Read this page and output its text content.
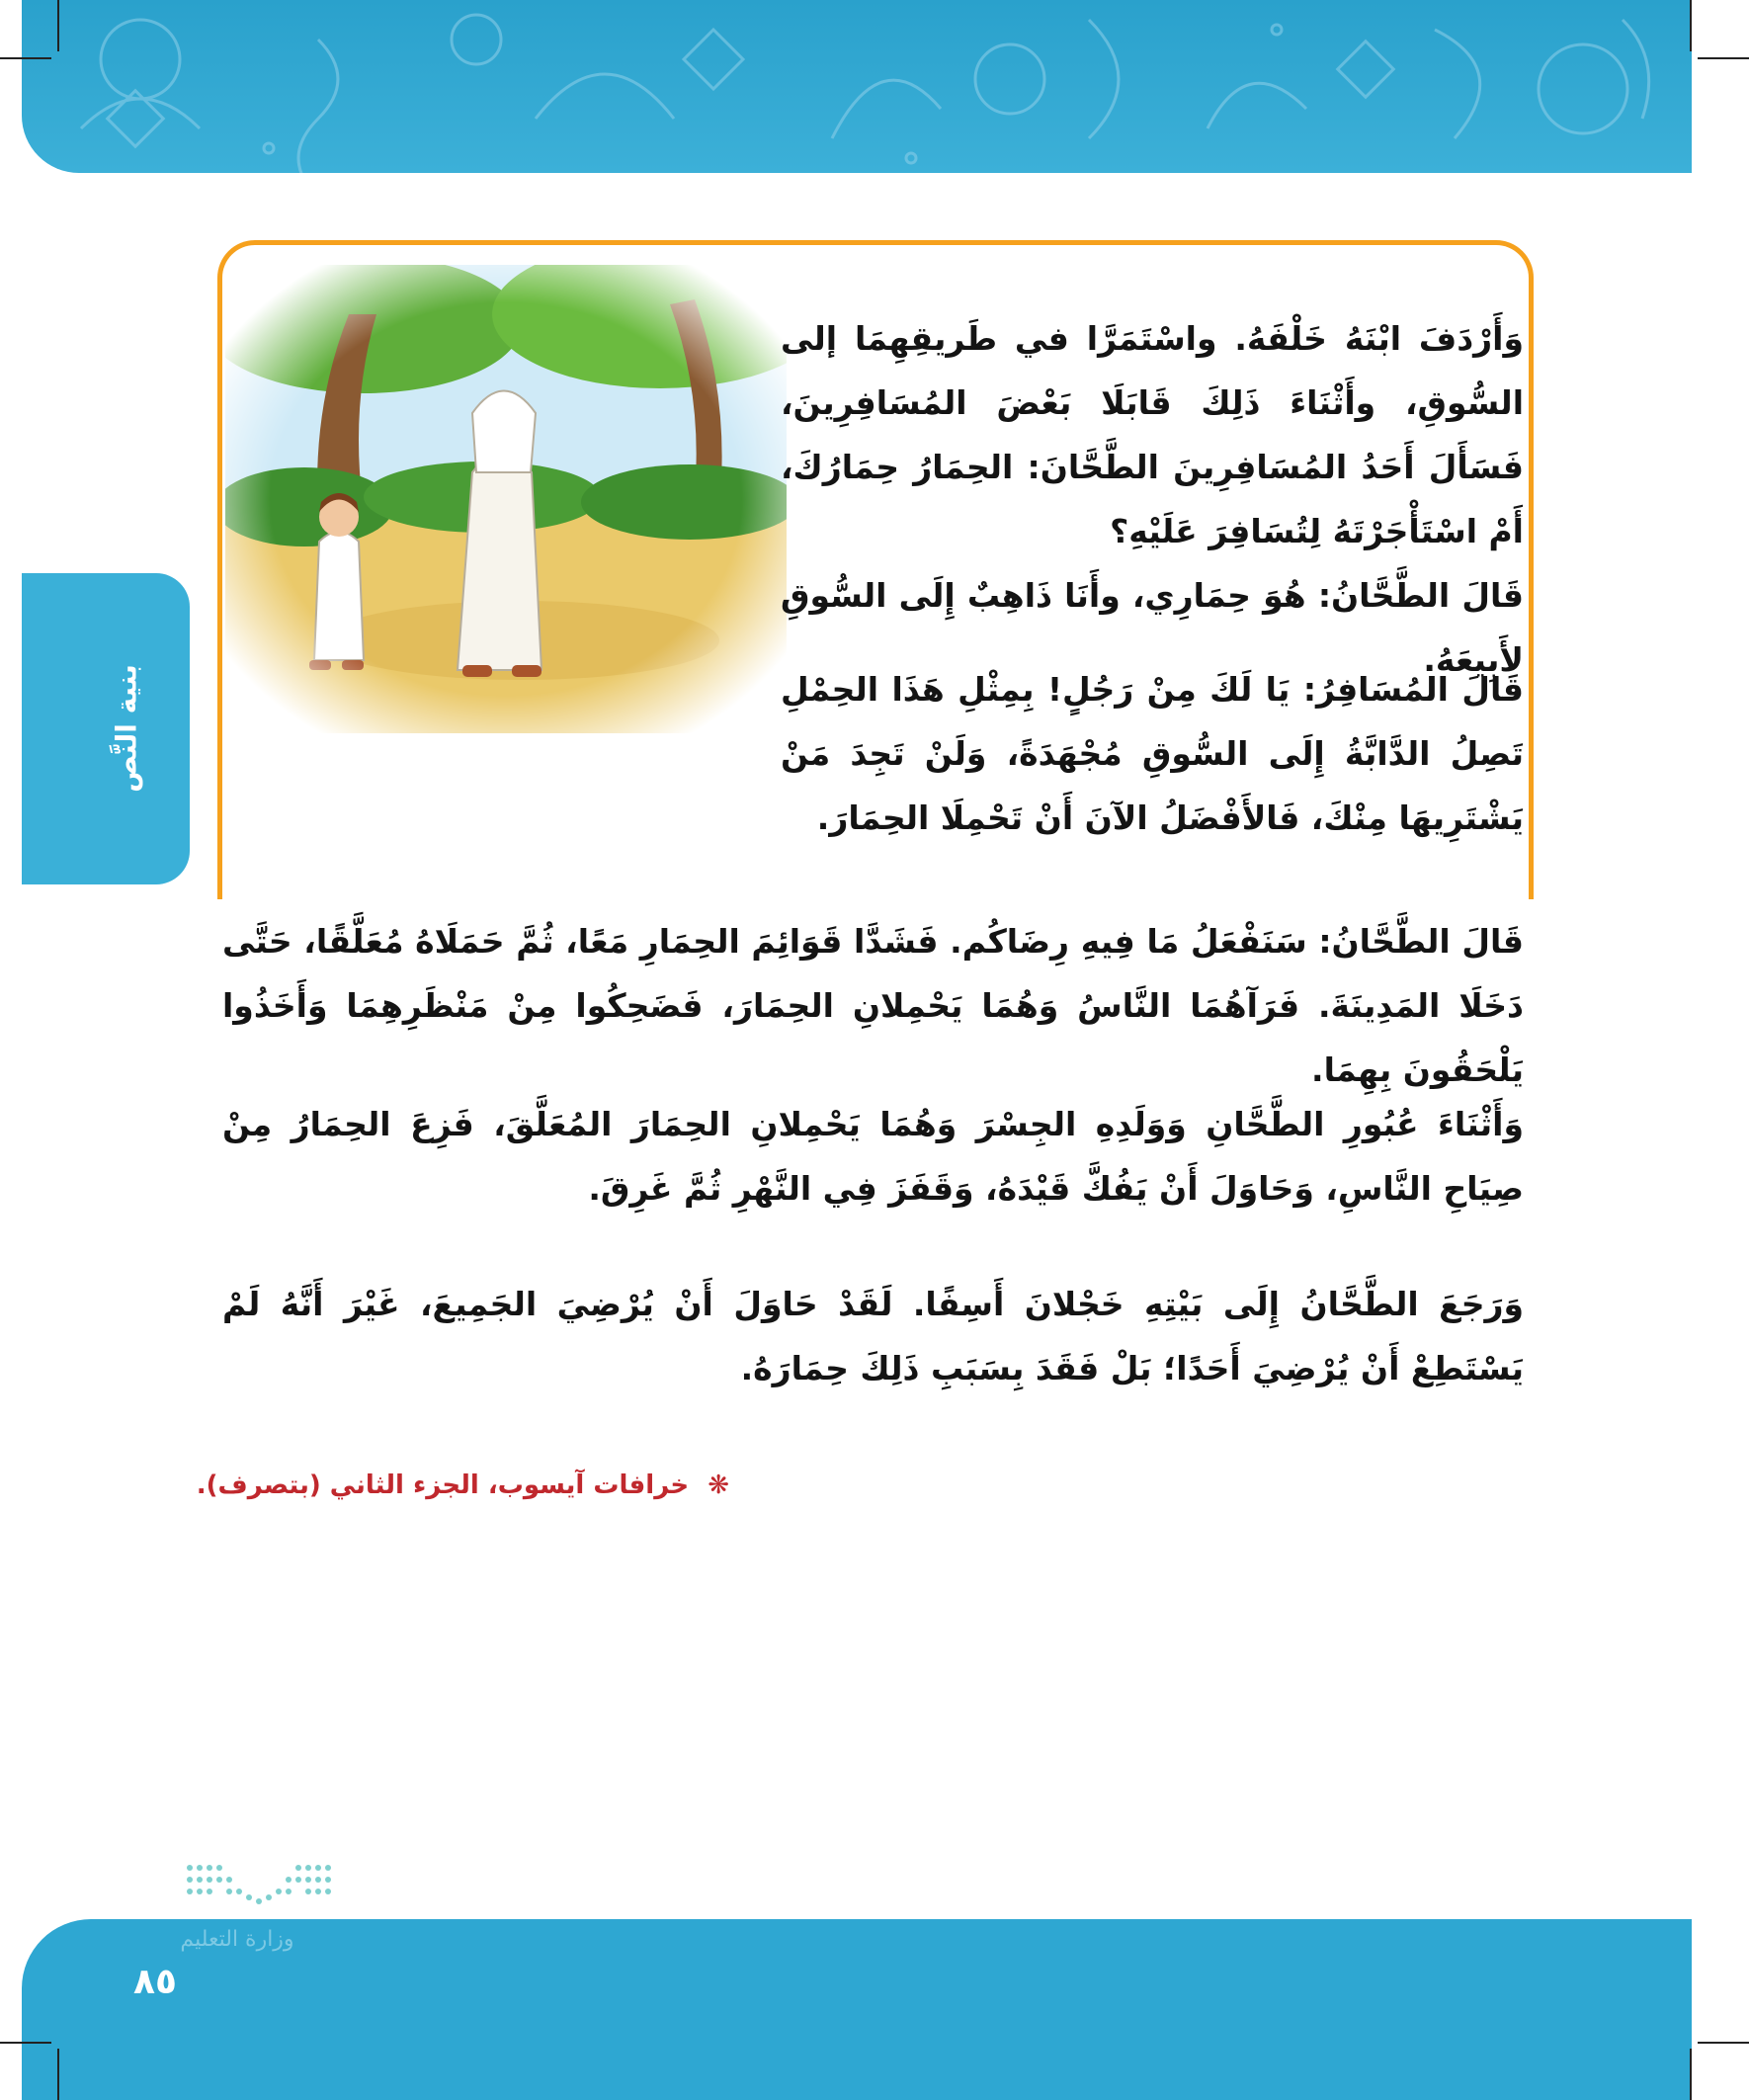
بنية النَّص

وَأَرْدَفَ ابْنَهُ خَلْفَهُ. واسْتَمَرَّا في طَريقِهِمَا إلى السُّوقِ، وأَثْنَاءَ ذَلِكَ قَابَلَا بَعْضَ المُسَافِرِينَ، فَسَأَلَ أَحَدُ المُسَافِرِينَ الطَّحَّانَ: الحِمَارُ حِمَارُكَ، أَمْ اسْتَأْجَرْتَهُ لِتُسَافِرَ عَلَيْهِ؟

قَالَ الطَّحَّانُ: هُوَ حِمَارِي، وأَنَا ذَاهِبٌ إِلَى السُّوقِ لأَبِيعَهُ.

قَالَ المُسَافِرُ: يَا لَكَ مِنْ رَجُلٍ! بِمِثْلِ هَذَا الحِمْلِ تَصِلُ الدَّابَّةُ إِلَى السُّوقِ مُجْهَدَةً، وَلَنْ تَجِدَ مَنْ يَشْتَرِيهَا مِنْكَ، فَالأَفْضَلُ الآنَ أَنْ تَحْمِلَا الحِمَارَ.

قَالَ الطَّحَّانُ: سَنَفْعَلُ مَا فِيهِ رِضَاكُم. فَشَدَّا قَوَائِمَ الحِمَارِ مَعًا، ثُمَّ حَمَلَاهُ مُعَلَّقًا، حَتَّى دَخَلَا المَدِينَةَ. فَرَآهُمَا النَّاسُ وَهُمَا يَحْمِلانِ الحِمَارَ، فَضَحِكُوا مِنْ مَنْظَرِهِمَا وَأَخَذُوا يَلْحَقُونَ بِهِمَا.

وَأَثْنَاءَ عُبُورِ الطَّحَّانِ وَوَلَدِهِ الجِسْرَ وَهُمَا يَحْمِلانِ الحِمَارَ المُعَلَّقَ، فَزِعَ الحِمَارُ مِنْ صِيَاحِ النَّاسِ، وَحَاوَلَ أَنْ يَفُكَّ قَيْدَهُ، وَقَفَزَ فِي النَّهْرِ ثُمَّ غَرِقَ.

وَرَجَعَ الطَّحَّانُ إِلَى بَيْتِهِ خَجْلانَ أَسِفًا. لَقَدْ حَاوَلَ أَنْ يُرْضِيَ الجَمِيعَ، غَيْرَ أَنَّهُ لَمْ يَسْتَطِعْ أَنْ يُرْضِيَ أَحَدًا؛ بَلْ فَقَدَ بِسَبَبِ ذَلِكَ حِمَارَهُ.

❋ خرافات آيسوب، الجزء الثاني (بتصرف).
وزارة التعليم
٨٥
